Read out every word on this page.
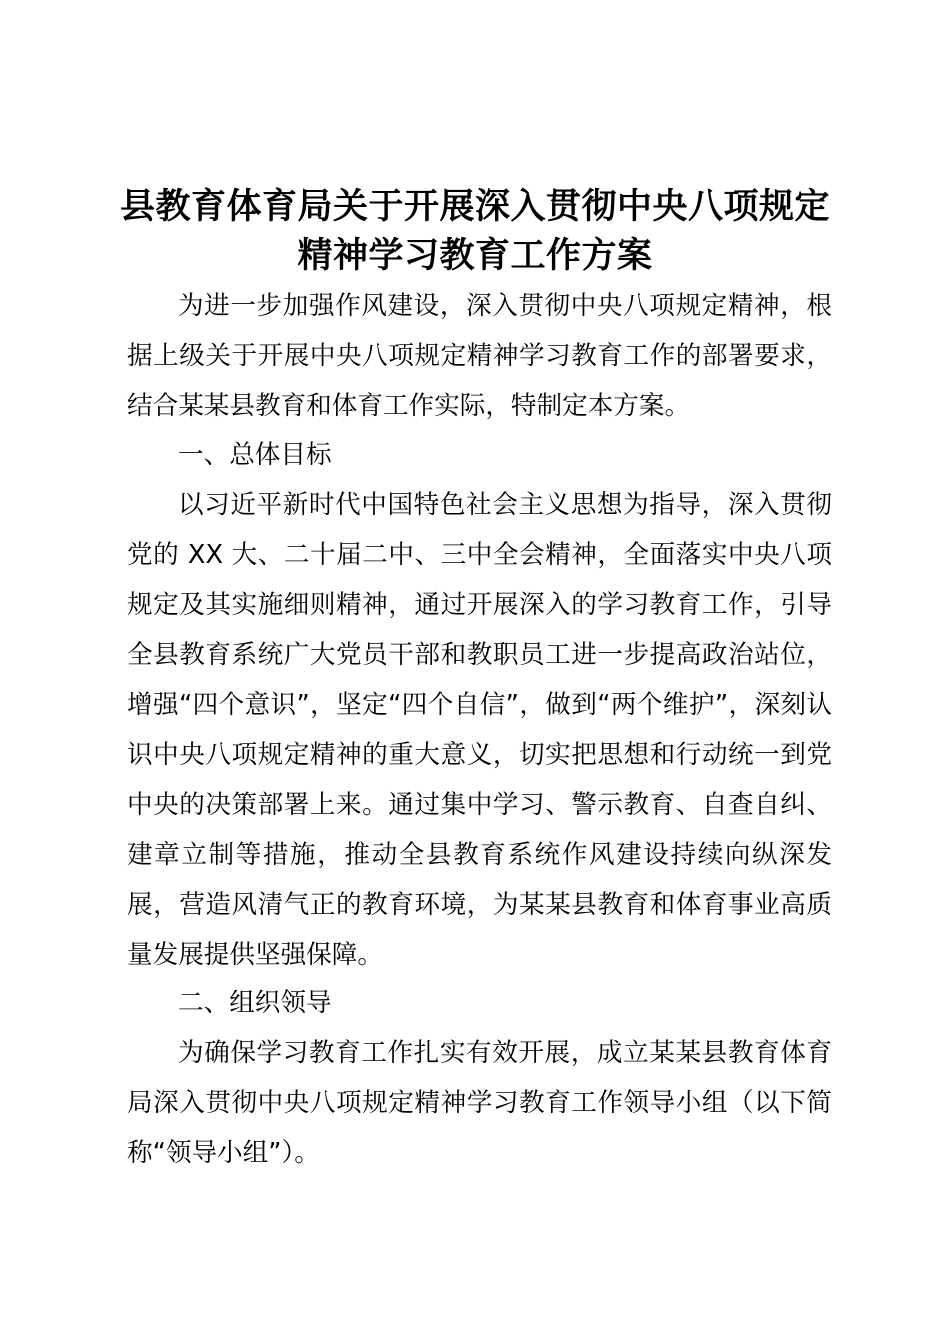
县教育体育局关于开展深入贯彻中央八项规定
精神学习教育工作方案

为进一步加强作风建设，深入贯彻中央八项规定精神，根据上级关于开展中央八项规定精神学习教育工作的部署要求，结合某某县教育和体育工作实际，特制定本方案。

一、总体目标

以习近平新时代中国特色社会主义思想为指导，深入贯彻党的 XX 大、二十届二中、三中全会精神，全面落实中央八项规定及其实施细则精神，通过开展深入的学习教育工作，引导全县教育系统广大党员干部和教职员工进一步提高政治站位，增强“四个意识”，坚定“四个自信”，做到“两个维护”，深刻认识中央八项规定精神的重大意义，切实把思想和行动统一到党中央的决策部署上来。通过集中学习、警示教育、自查自纠、建章立制等措施，推动全县教育系统作风建设持续向纵深发展，营造风清气正的教育环境，为某某县教育和体育事业高质量发展提供坚强保障。

二、组织领导

为确保学习教育工作扎实有效开展，成立某某县教育体育局深入贯彻中央八项规定精神学习教育工作领导小组（以下简称“领导小组”）。
